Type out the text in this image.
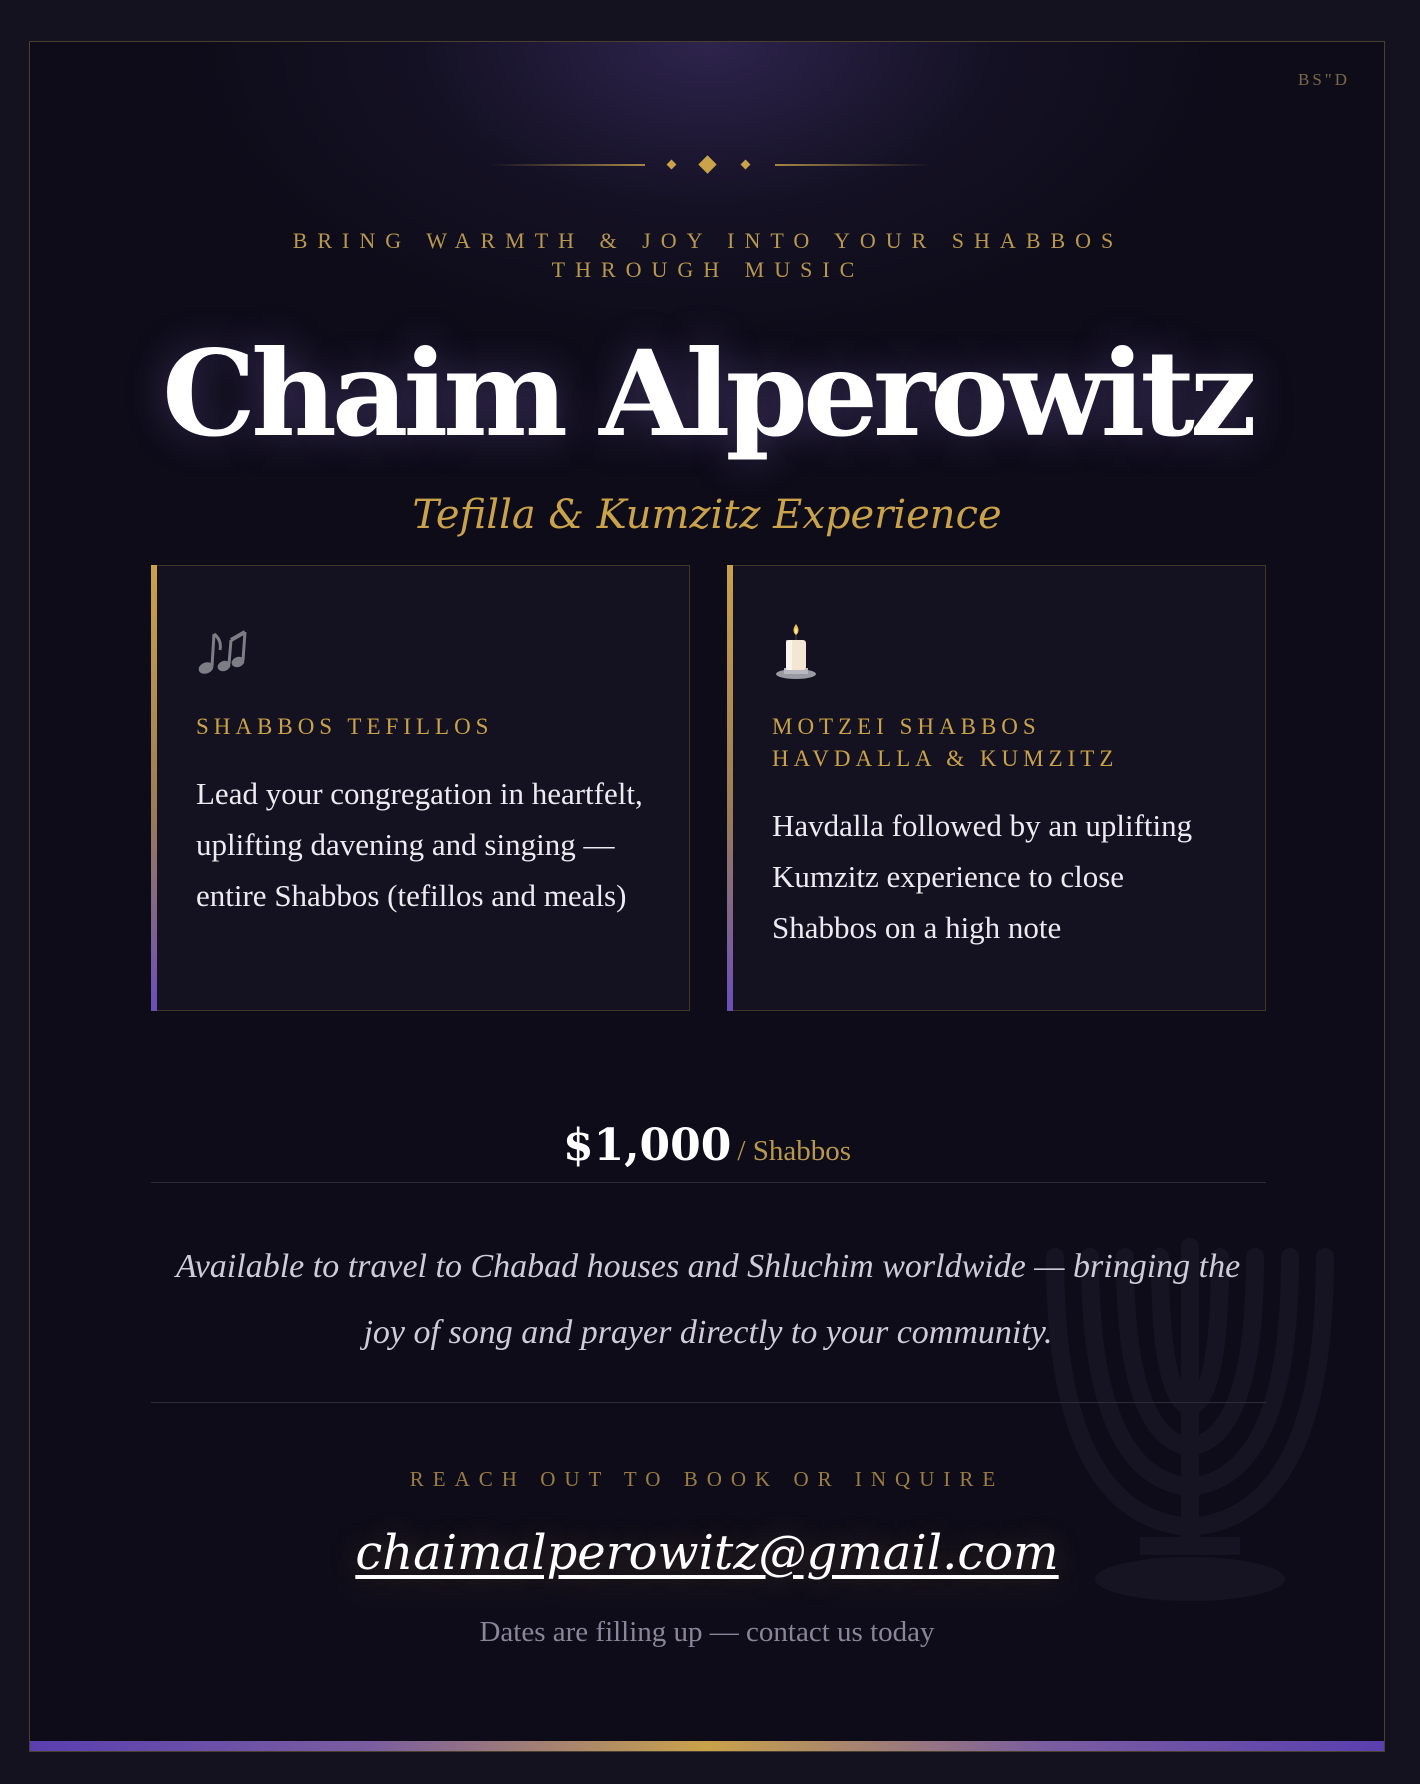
BS"D
BRING WARMTH & JOY INTO YOUR SHABBOS
THROUGH MUSIC
Chaim Alperowitz
Tefilla & Kumzitz Experience
SHABBOS TEFILLOS
Lead your congregation in heartfelt, uplifting davening and singing — entire Shabbos (tefillos and meals)
MOTZEI SHABBOS
HAVDALLA & KUMZITZ
Havdalla followed by an uplifting Kumzitz experience to close Shabbos on a high note
$1,000 / Shabbos
Available to travel to Chabad houses and Shluchim worldwide — bringing the joy of song and prayer directly to your community.
REACH OUT TO BOOK OR INQUIRE
chaimalperowitz@gmail.com
Dates are filling up — contact us today
